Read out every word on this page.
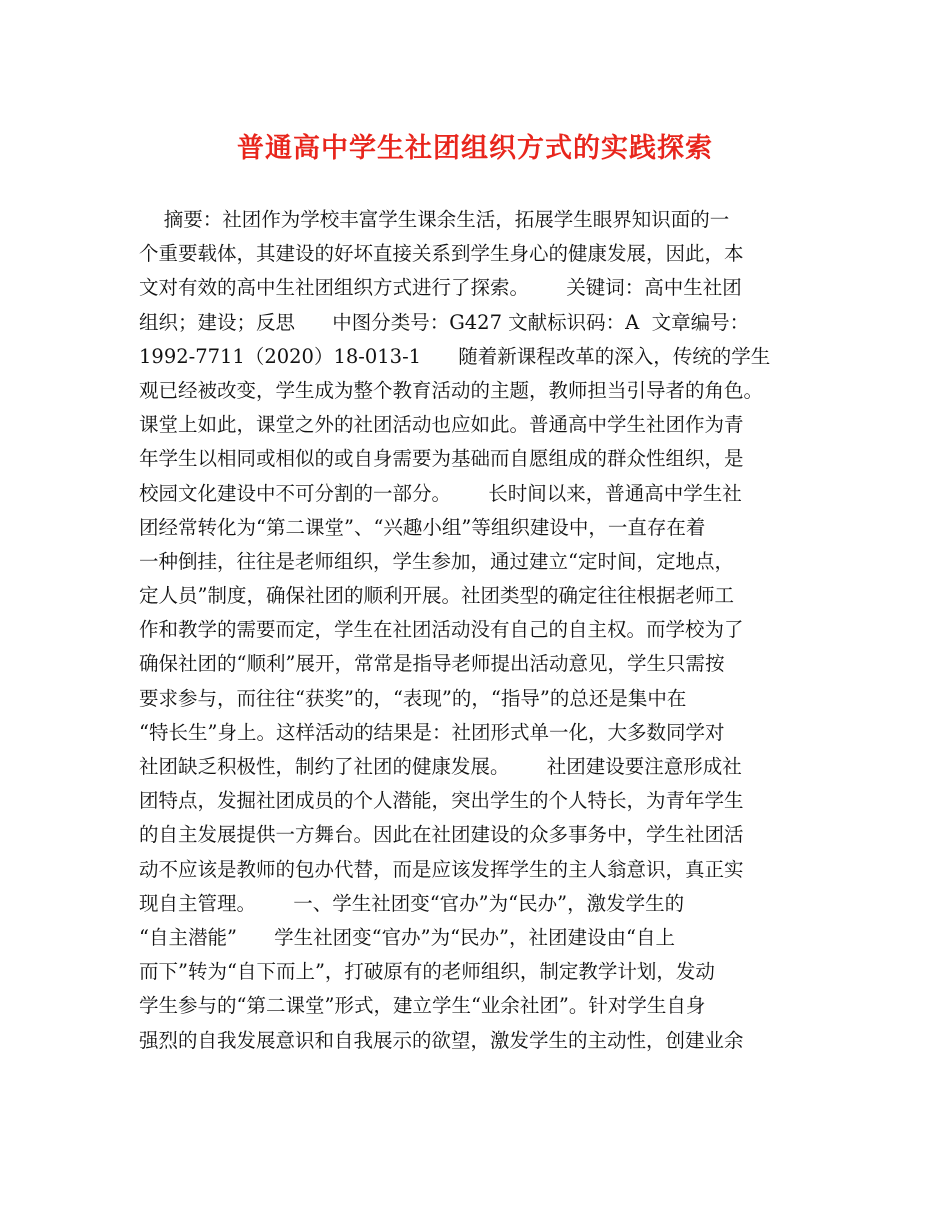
普通高中学生社团组织方式的实践探索
摘要：社团作为学校丰富学生课余生活，拓展学生眼界知识面的一
个重要载体，其建设的好坏直接关系到学生身心的健康发展，因此，本
文对有效的高中生社团组织方式进行了探索。      关键词：高中生社团
组织；建设；反思      中图分类号：G427 文献标识码：A  文章编号：
1992-7711（2020）18-013-1      随着新课程改革的深入，传统的学生
观已经被改变，学生成为整个教育活动的主题，教师担当引导者的角色。
课堂上如此，课堂之外的社团活动也应如此。普通高中学生社团作为青
年学生以相同或相似的或自身需要为基础而自愿组成的群众性组织，是
校园文化建设中不可分割的一部分。      长时间以来，普通高中学生社
团经常转化为“第二课堂”、“兴趣小组”等组织建设中，一直存在着
一种倒挂，往往是老师组织，学生参加，通过建立“定时间，定地点，
定人员”制度，确保社团的顺利开展。社团类型的确定往往根据老师工
作和教学的需要而定，学生在社团活动没有自己的自主权。而学校为了
确保社团的“顺利”展开，常常是指导老师提出活动意见，学生只需按
要求参与，而往往“获奖”的，“表现”的，“指导”的总还是集中在
“特长生”身上。这样活动的结果是：社团形式单一化，大多数同学对
社团缺乏积极性，制约了社团的健康发展。      社团建设要注意形成社
团特点，发掘社团成员的个人潜能，突出学生的个人特长，为青年学生
的自主发展提供一方舞台。因此在社团建设的众多事务中，学生社团活
动不应该是教师的包办代替，而是应该发挥学生的主人翁意识，真正实
现自主管理。      一、学生社团变“官办”为“民办”，激发学生的
“自主潜能”      学生社团变“官办”为“民办”，社团建设由“自上
而下”转为“自下而上”，打破原有的老师组织，制定教学计划，发动
学生参与的“第二课堂”形式，建立学生“业余社团”。针对学生自身
强烈的自我发展意识和自我展示的欲望，激发学生的主动性，创建业余
